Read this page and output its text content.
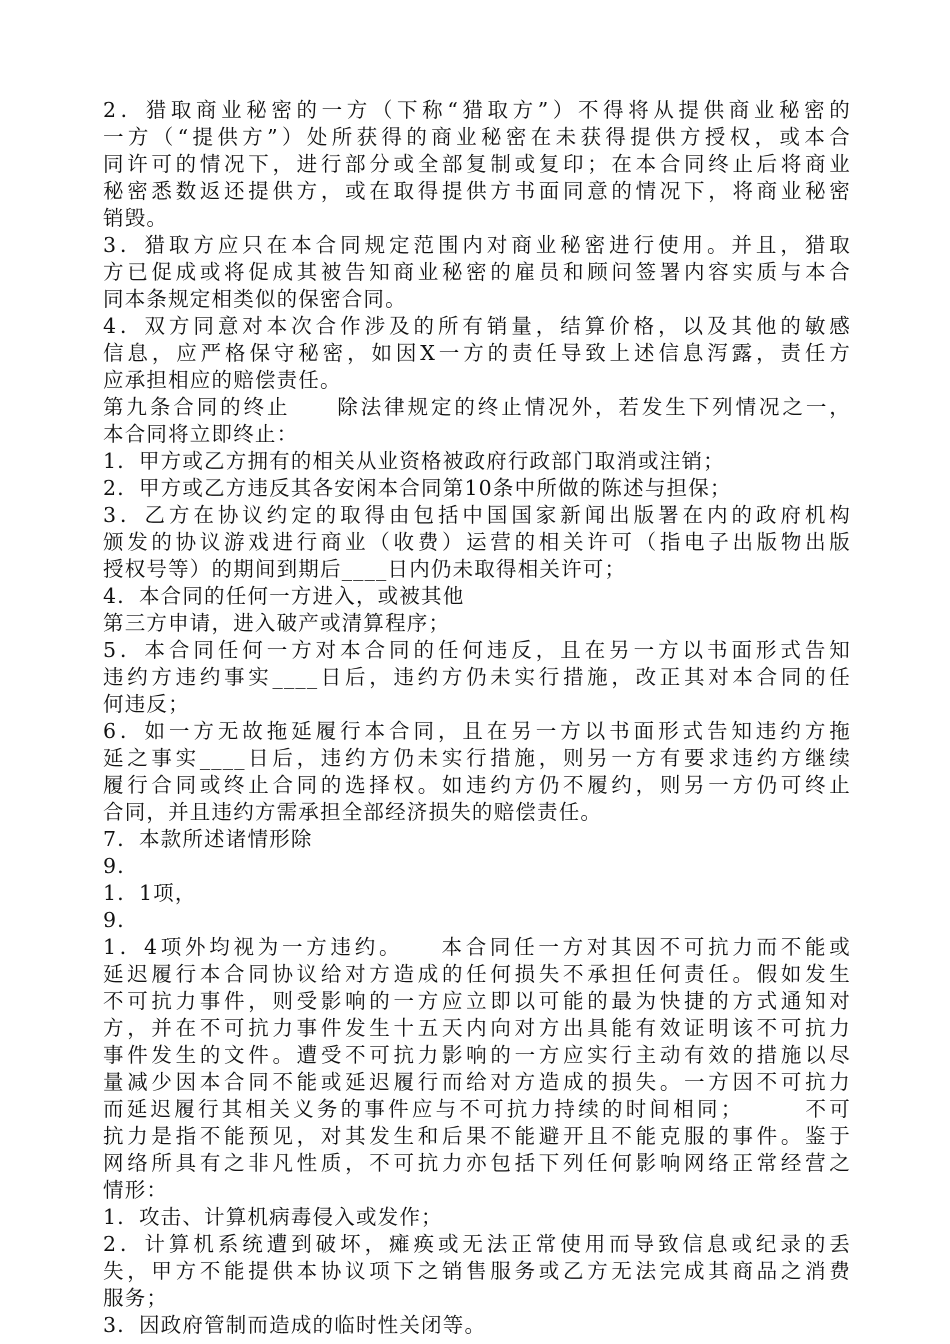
2．猎取商业秘密的一方（下称“猎取方”）不得将从提供商业秘密的
一方（“提供方”）处所获得的商业秘密在未获得提供方授权，或本合
同许可的情况下，进行部分或全部复制或复印；在本合同终止后将商业
秘密悉数返还提供方，或在取得提供方书面同意的情况下，将商业秘密
销毁。
3．猎取方应只在本合同规定范围内对商业秘密进行使用。并且，猎取
方已促成或将促成其被告知商业秘密的雇员和顾问签署内容实质与本合
同本条规定相类似的保密合同。
4．双方同意对本次合作涉及的所有销量，结算价格，以及其他的敏感
信息，应严格保守秘密，如因X一方的责任导致上述信息泻露，责任方
应承担相应的赔偿责任。
第九条合同的终止　　除法律规定的终止情况外，若发生下列情况之一，
本合同将立即终止：
1．甲方或乙方拥有的相关从业资格被政府行政部门取消或注销；
2．甲方或乙方违反其各安闲本合同第10条中所做的陈述与担保；
3．乙方在协议约定的取得由包括中国国家新闻出版署在内的政府机构
颁发的协议游戏进行商业（收费）运营的相关许可（指电子出版物出版
授权号等）的期间到期后____日内仍未取得相关许可；
4．本合同的任何一方进入，或被其他
第三方申请，进入破产或清算程序；
5．本合同任何一方对本合同的任何违反，且在另一方以书面形式告知
违约方违约事实____日后，违约方仍未实行措施，改正其对本合同的任
何违反；
6．如一方无故拖延履行本合同，且在另一方以书面形式告知违约方拖
延之事实____日后，违约方仍未实行措施，则另一方有要求违约方继续
履行合同或终止合同的选择权。如违约方仍不履约，则另一方仍可终止
合同，并且违约方需承担全部经济损失的赔偿责任。
7．本款所述诸情形除
9．
1．1项，
9．
1．4项外均视为一方违约。　　本合同任一方对其因不可抗力而不能或
延迟履行本合同协议给对方造成的任何损失不承担任何责任。假如发生
不可抗力事件，则受影响的一方应立即以可能的最为快捷的方式通知对
方，并在不可抗力事件发生十五天内向对方出具能有效证明该不可抗力
事件发生的文件。遭受不可抗力影响的一方应实行主动有效的措施以尽
量减少因本合同不能或延迟履行而给对方造成的损失。一方因不可抗力
而延迟履行其相关义务的事件应与不可抗力持续的时间相同；　　　不可
抗力是指不能预见，对其发生和后果不能避开且不能克服的事件。鉴于
网络所具有之非凡性质，不可抗力亦包括下列任何影响网络正常经营之
情形：
1．攻击、计算机病毒侵入或发作；
2．计算机系统遭到破坏，瘫痪或无法正常使用而导致信息或纪录的丢
失，甲方不能提供本协议项下之销售服务或乙方无法完成其商品之消费
服务；
3．因政府管制而造成的临时性关闭等。
